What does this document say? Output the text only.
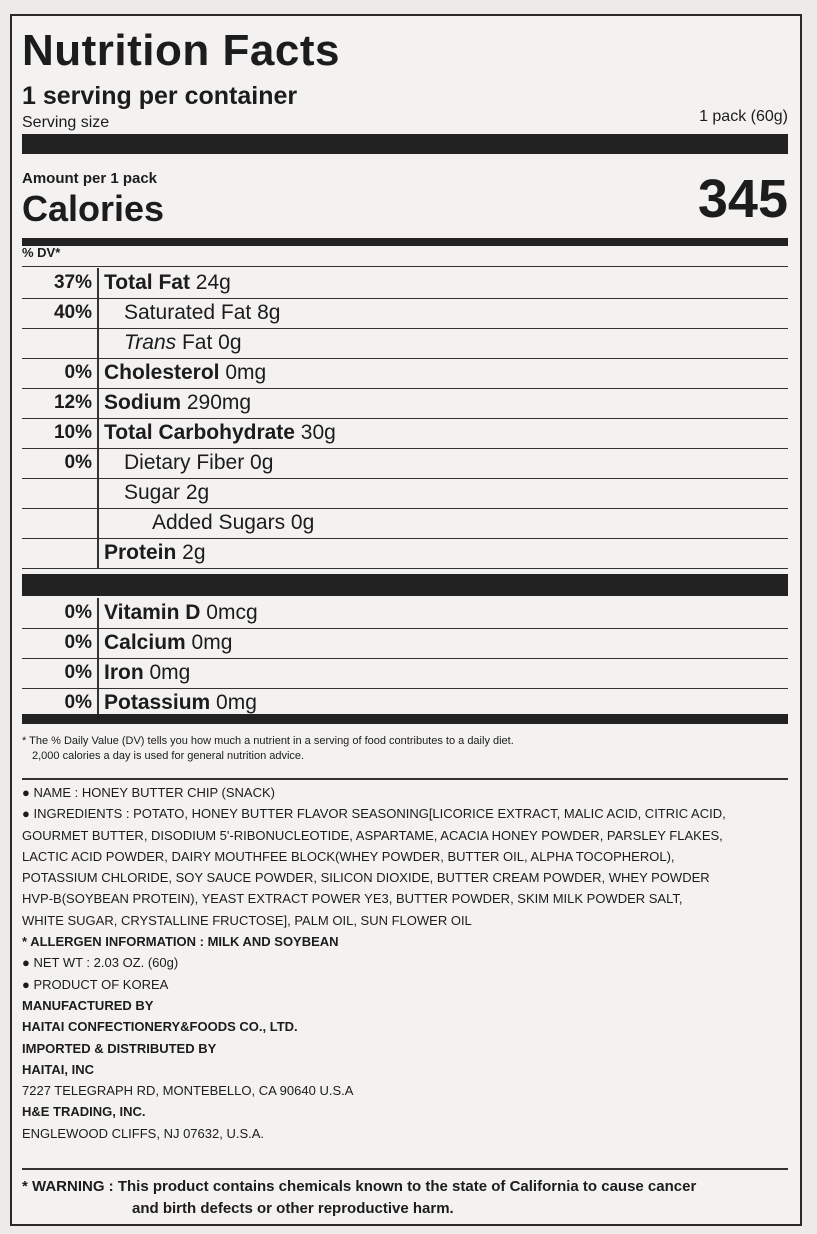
Nutrition Facts
1 serving per container
Serving size	1 pack (60g)
Amount per 1 pack
Calories	345
% DV*
37% Total Fat 24g
40% Saturated Fat 8g
Trans Fat 0g
0% Cholesterol 0mg
12% Sodium 290mg
10% Total Carbohydrate 30g
0% Dietary Fiber 0g
Sugar 2g
Added Sugars 0g
Protein 2g
0% Vitamin D 0mcg
0% Calcium 0mg
0% Iron 0mg
0% Potassium 0mg
* The % Daily Value (DV) tells you how much a nutrient in a serving of food contributes to a daily diet.
2,000 calories a day is used for general nutrition advice.
● NAME : HONEY BUTTER CHIP (SNACK)
● INGREDIENTS : POTATO, HONEY BUTTER FLAVOR SEASONING[LICORICE EXTRACT, MALIC ACID, CITRIC ACID,
GOURMET BUTTER, DISODIUM 5'-RIBONUCLEOTIDE, ASPARTAME, ACACIA HONEY POWDER, PARSLEY FLAKES,
LACTIC ACID POWDER, DAIRY MOUTHFEE BLOCK(WHEY POWDER, BUTTER OIL, ALPHA TOCOPHEROL),
POTASSIUM CHLORIDE, SOY SAUCE POWDER, SILICON DIOXIDE, BUTTER CREAM POWDER, WHEY POWDER
HVP-B(SOYBEAN PROTEIN), YEAST EXTRACT POWER YE3, BUTTER POWDER, SKIM MILK POWDER SALT,
WHITE SUGAR, CRYSTALLINE FRUCTOSE], PALM OIL, SUN FLOWER OIL
* ALLERGEN INFORMATION : MILK AND SOYBEAN
● NET WT : 2.03 OZ. (60g)
● PRODUCT OF KOREA
MANUFACTURED BY
HAITAI CONFECTIONERY&FOODS CO., LTD.
IMPORTED & DISTRIBUTED BY
HAITAI, INC
7227 TELEGRAPH RD, MONTEBELLO, CA 90640 U.S.A
H&E TRADING, INC.
ENGLEWOOD CLIFFS, NJ 07632, U.S.A.
* WARNING : This product contains chemicals known to the state of California to cause cancer
and birth defects or other reproductive harm.
